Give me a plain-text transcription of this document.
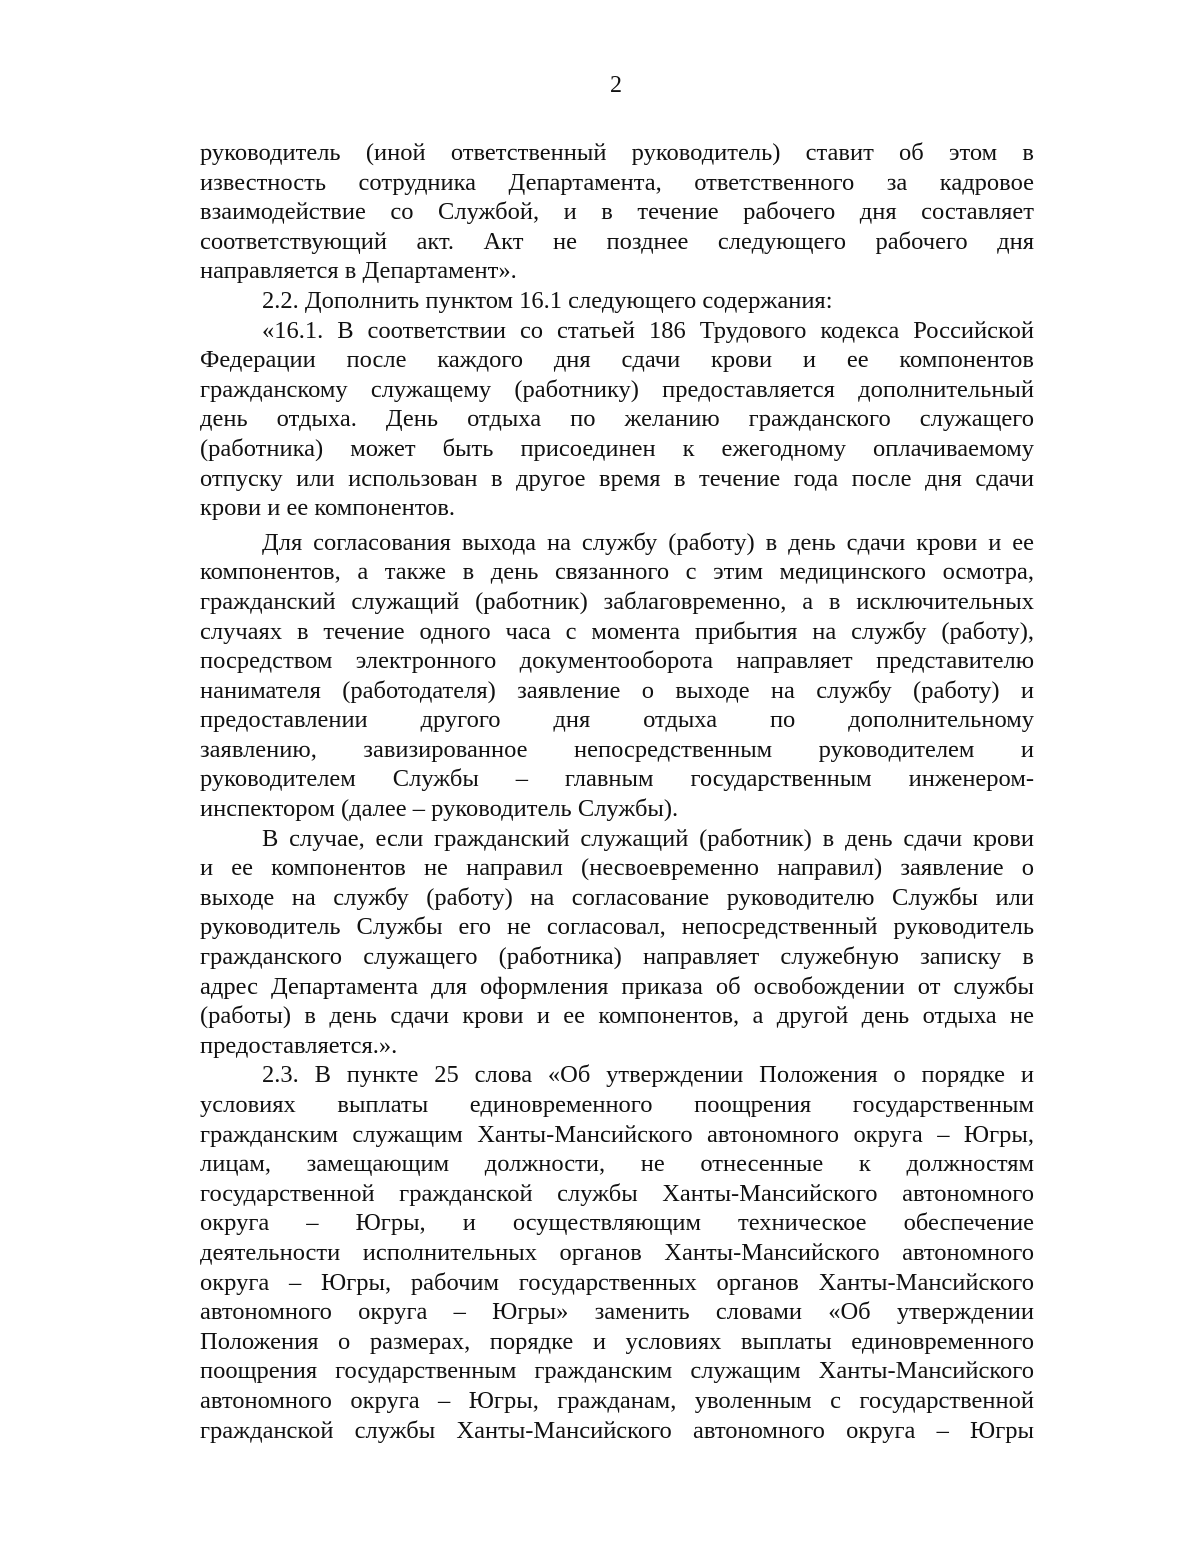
2
руководитель (иной ответственный руководитель) ставит об этом в
известность сотрудника Департамента, ответственного за кадровое
взаимодействие со Службой, и в течение рабочего дня составляет
соответствующий акт. Акт не позднее следующего рабочего дня
направляется в Департамент».
2.2. Дополнить пунктом 16.1 следующего содержания:
«16.1. В соответствии со статьей 186 Трудового кодекса Российской
Федерации после каждого дня сдачи крови и ее компонентов
гражданскому служащему (работнику) предоставляется дополнительный
день отдыха. День отдыха по желанию гражданского служащего
(работника) может быть присоединен к ежегодному оплачиваемому
отпуску или использован в другое время в течение года после дня сдачи
крови и ее компонентов.
Для согласования выхода на службу (работу) в день сдачи крови и ее
компонентов, а также в день связанного с этим медицинского осмотра,
гражданский служащий (работник) заблаговременно, а в исключительных
случаях в течение одного часа с момента прибытия на службу (работу),
посредством электронного документооборота направляет представителю
нанимателя (работодателя) заявление о выходе на службу (работу) и
предоставлении другого дня отдыха по дополнительному
заявлению, завизированное непосредственным руководителем и
руководителем Службы – главным государственным инженером-
инспектором (далее – руководитель Службы).
В случае, если гражданский служащий (работник) в день сдачи крови
и ее компонентов не направил (несвоевременно направил) заявление о
выходе на службу (работу) на согласование руководителю Службы или
руководитель Службы его не согласовал, непосредственный руководитель
гражданского служащего (работника) направляет служебную записку в
адрес Департамента для оформления приказа об освобождении от службы
(работы) в день сдачи крови и ее компонентов, а другой день отдыха не
предоставляется.».
2.3. В пункте 25 слова «Об утверждении Положения о порядке и
условиях выплаты единовременного поощрения государственным
гражданским служащим Ханты-Мансийского автономного округа – Югры,
лицам, замещающим должности, не отнесенные к должностям
государственной гражданской службы Ханты-Мансийского автономного
округа – Югры, и осуществляющим техническое обеспечение
деятельности исполнительных органов Ханты-Мансийского автономного
округа – Югры, рабочим государственных органов Ханты-Мансийского
автономного округа – Югры» заменить словами «Об утверждении
Положения о размерах, порядке и условиях выплаты единовременного
поощрения государственным гражданским служащим Ханты-Мансийского
автономного округа – Югры, гражданам, уволенным с государственной
гражданской службы Ханты-Мансийского автономного округа – Югры
